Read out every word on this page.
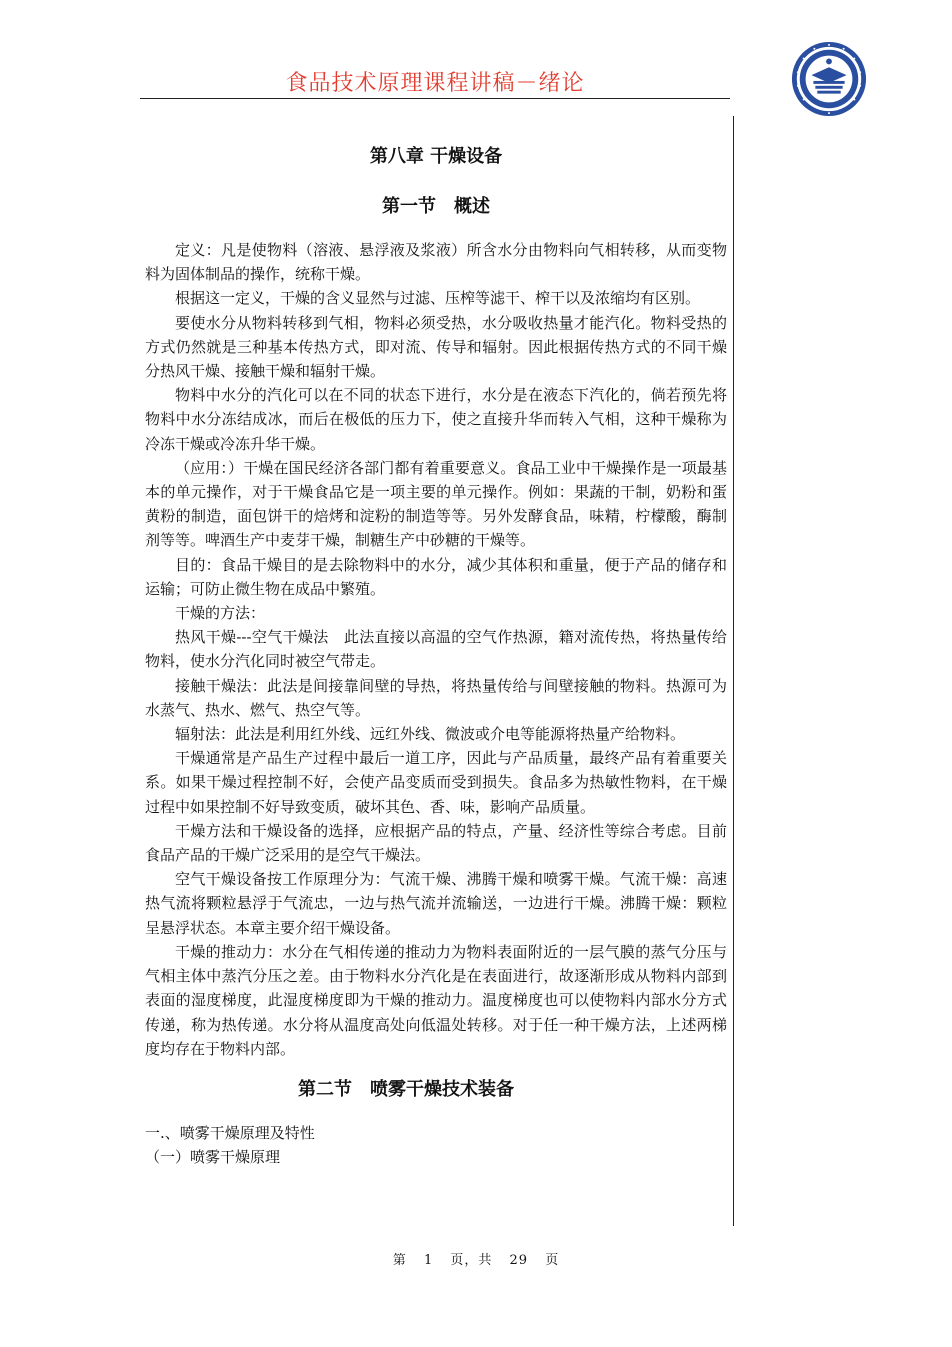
食品技术原理课程讲稿－绪论
第八章 干燥设备
第一节　概述

定义：凡是使物料（溶液、悬浮液及浆液）所含水分由物料向气相转移，从而变物料为固体制品的操作，统称干燥。

根据这一定义，干燥的含义显然与过滤、压榨等滤干、榨干以及浓缩均有区别。

要使水分从物料转移到气相，物料必须受热，水分吸收热量才能汽化。物料受热的方式仍然就是三种基本传热方式，即对流、传导和辐射。因此根据传热方式的不同干燥分热风干燥、接触干燥和辐射干燥。

物料中水分的汽化可以在不同的状态下进行，水分是在液态下汽化的，倘若预先将物料中水分冻结成冰，而后在极低的压力下，使之直接升华而转入气相，这种干燥称为冷冻干燥或冷冻升华干燥。

（应用：）干燥在国民经济各部门都有着重要意义。食品工业中干燥操作是一项最基本的单元操作，对于干燥食品它是一项主要的单元操作。例如：果蔬的干制，奶粉和蛋黄粉的制造，面包饼干的焙烤和淀粉的制造等等。另外发酵食品，味精，柠檬酸，酶制剂等等。啤酒生产中麦芽干燥，制糖生产中砂糖的干燥等。

目的：食品干燥目的是去除物料中的水分，减少其体积和重量，便于产品的储存和运输；可防止微生物在成品中繁殖。

干燥的方法：

热风干燥---空气干燥法　此法直接以高温的空气作热源，籍对流传热，将热量传给物料，使水分汽化同时被空气带走。

接触干燥法：此法是间接靠间壁的导热，将热量传给与间壁接触的物料。热源可为水蒸气、热水、燃气、热空气等。

辐射法：此法是利用红外线、远红外线、微波或介电等能源将热量产给物料。

干燥通常是产品生产过程中最后一道工序，因此与产品质量，最终产品有着重要关系。如果干燥过程控制不好，会使产品变质而受到损失。食品多为热敏性物料，在干燥过程中如果控制不好导致变质，破坏其色、香、味，影响产品质量。

干燥方法和干燥设备的选择，应根据产品的特点，产量、经济性等综合考虑。目前食品产品的干燥广泛采用的是空气干燥法。

空气干燥设备按工作原理分为：气流干燥、沸腾干燥和喷雾干燥。气流干燥：高速热气流将颗粒悬浮于气流忠，一边与热气流并流输送，一边进行干燥。沸腾干燥：颗粒呈悬浮状态。本章主要介绍干燥设备。

干燥的推动力：水分在气相传递的推动力为物料表面附近的一层气膜的蒸气分压与气相主体中蒸汽分压之差。由于物料水分汽化是在表面进行，故逐渐形成从物料内部到表面的湿度梯度，此湿度梯度即为干燥的推动力。温度梯度也可以使物料内部水分方式传递，称为热传递。水分将从温度高处向低温处转移。对于任一种干燥方法，上述两梯度均存在于物料内部。

第二节　喷雾干燥技术装备

一.、喷雾干燥原理及特性

（一）喷雾干燥原理

第 1 页，共 29 页
